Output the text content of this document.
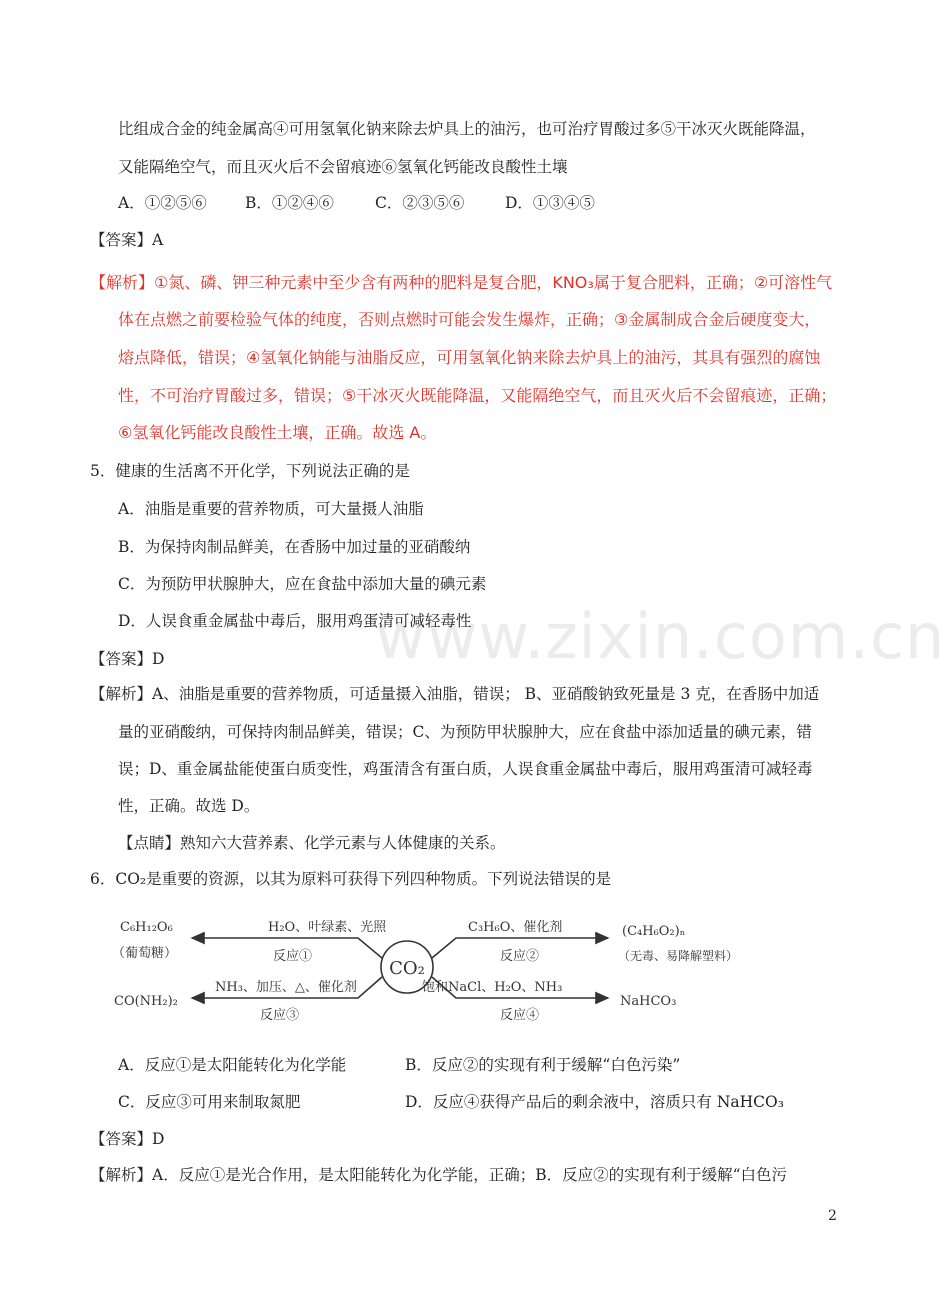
www.zixin.com.cn
比组成合金的纯金属高④可用氢氧化钠来除去炉具上的油污，也可治疗胃酸过多⑤干冰灭火既能降温，
又能隔绝空气，而且灭火后不会留痕迹⑥氢氧化钙能改良酸性土壤
A．①②⑤⑥ B．①②④⑥	C．②③⑤⑥	D．①③④⑤
【答案】A
【解析】①氮、磷、钾三种元素中至少含有两种的肥料是复合肥，KNO₃属于复合肥料，正确；②可溶性气
体在点燃之前要检验气体的纯度，否则点燃时可能会发生爆炸，正确；③金属制成合金后硬度变大，
熔点降低，错误；④氢氧化钠能与油脂反应，可用氢氧化钠来除去炉具上的油污，其具有强烈的腐蚀
性，不可治疗胃酸过多，错误；⑤干冰灭火既能降温，又能隔绝空气，而且灭火后不会留痕迹，正确；
⑥氢氧化钙能改良酸性土壤，正确。故选 A。
5．健康的生活离不开化学，下列说法正确的是
A．油脂是重要的营养物质，可大量摄人油脂
B．为保持肉制品鲜美，在香肠中加过量的亚硝酸纳
C．为预防甲状腺肿大，应在食盐中添加大量的碘元素
D．人误食重金属盐中毒后，服用鸡蛋清可减轻毒性
【答案】D
【解析】A、油脂是重要的营养物质，可适量摄入油脂，错误； B、亚硝酸钠致死量是 3 克，在香肠中加适
量的亚硝酸纳，可保持肉制品鲜美，错误；C、为预防甲状腺肿大，应在食盐中添加适量的碘元素，错
误；D、重金属盐能使蛋白质变性，鸡蛋清含有蛋白质，人误食重金属盐中毒后，服用鸡蛋清可减轻毒
性，正确。故选 D。
【点睛】熟知六大营养素、化学元素与人体健康的关系。
6．CO₂是重要的资源，以其为原料可获得下列四种物质。下列说法错误的是
CO₂
H₂O、叶绿素、光照
反应①
NH₃、加压、△、催化剂
反应③
C₃H₆O、催化剂
反应②
饱和NaCl、H₂O、NH₃
反应④
C₆H₁₂O₆
（葡萄糖）
CO(NH₂)₂
(C₄H₆O₂)ₙ
（无毒、易降解塑料）
NaHCO₃
A．反应①是太阳能转化为化学能	B．反应②的实现有利于缓解“白色污染”
C．反应③可用来制取氮肥	D．反应④获得产品后的剩余液中，溶质只有 NaHCO₃
【答案】D
【解析】A．反应①是光合作用，是太阳能转化为化学能，正确；B．反应②的实现有利于缓解“白色污
2
